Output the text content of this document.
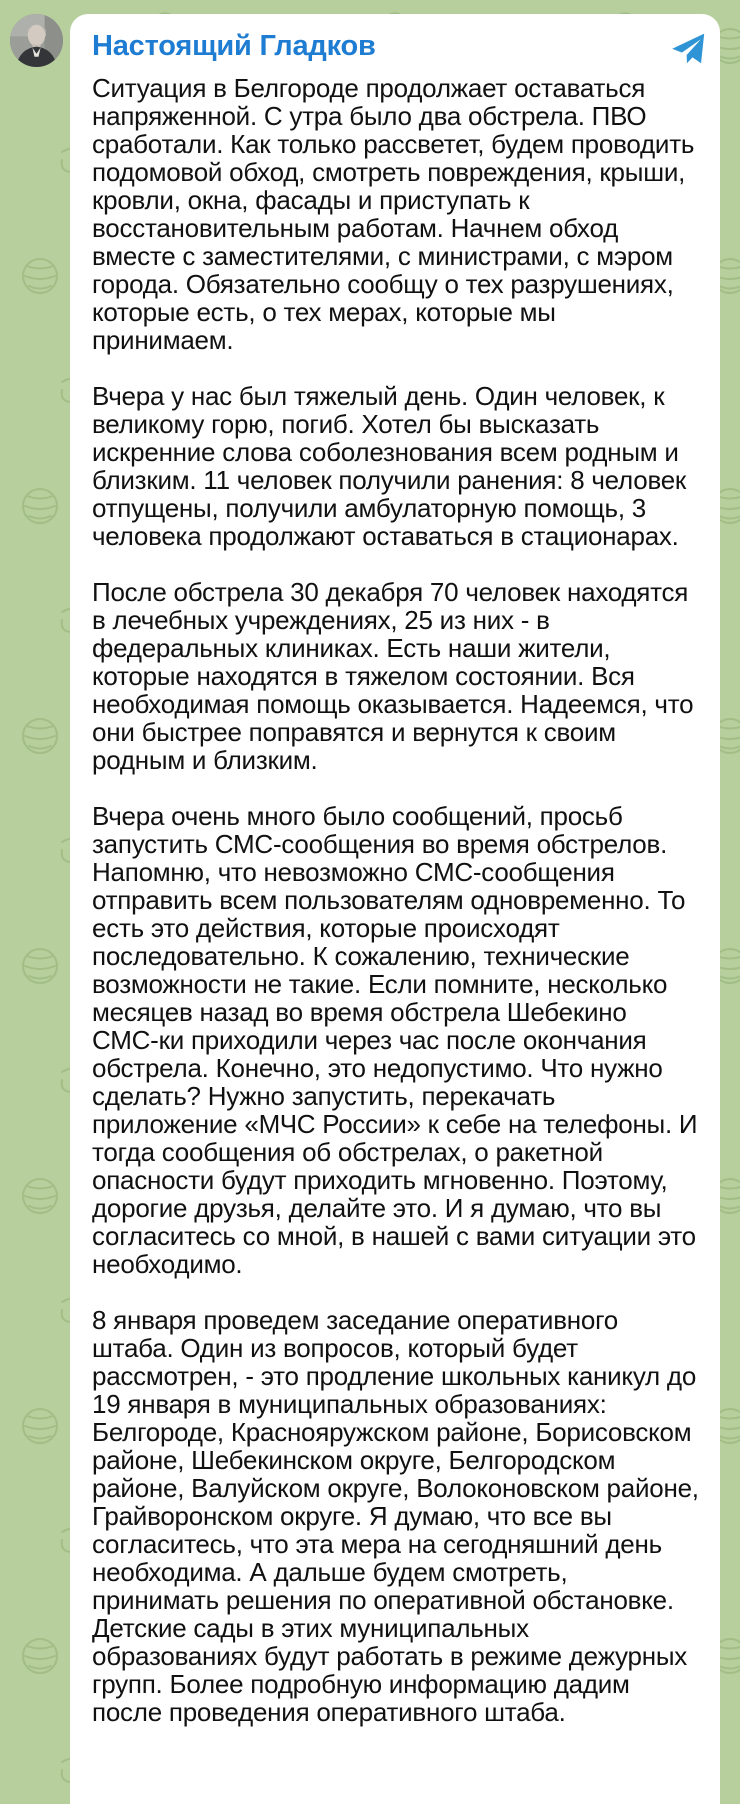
Настоящий Гладков

Ситуация в Белгороде продолжает оставаться напряженной. С утра было два обстрела. ПВО сработали. Как только рассветет, будем проводить подомовой обход, смотреть повреждения, крыши, кровли, окна, фасады и приступать к восстановительным работам. Начнем обход вместе с заместителями, с министрами, с мэром города. Обязательно сообщу о тех разрушениях, которые есть, о тех мерах, которые мы принимаем.

Вчера у нас был тяжелый день. Один человек, к великому горю, погиб. Хотел бы высказать искренние слова соболезнования всем родным и близким. 11 человек получили ранения: 8 человек отпущены, получили амбулаторную помощь, 3 человека продолжают оставаться в стационарах.

После обстрела 30 декабря 70 человек находятся в лечебных учреждениях, 25 из них - в федеральных клиниках. Есть наши жители, которые находятся в тяжелом состоянии. Вся необходимая помощь оказывается. Надеемся, что они быстрее поправятся и вернутся к своим родным и близким.

Вчера очень много было сообщений, просьб запустить СМС-сообщения во время обстрелов. Напомню, что невозможно СМС-сообщения отправить всем пользователям одновременно. То есть это действия, которые происходят последовательно. К сожалению, технические возможности не такие. Если помните, несколько месяцев назад во время обстрела Шебекино СМС-ки приходили через час после окончания обстрела. Конечно, это недопустимо. Что нужно сделать? Нужно запустить, перекачать приложение «МЧС России» к себе на телефоны. И тогда сообщения об обстрелах, о ракетной опасности будут приходить мгновенно. Поэтому, дорогие друзья, делайте это. И я думаю, что вы согласитесь со мной, в нашей с вами ситуации это необходимо.

8 января проведем заседание оперативного штаба. Один из вопросов, который будет рассмотрен, - это продление школьных каникул до 19 января в муниципальных образованиях: Белгороде, Краснояружском районе, Борисовском районе, Шебекинском округе, Белгородском районе, Валуйском округе, Волоконовском районе, Грайворонском округе. Я думаю, что все вы согласитесь, что эта мера на сегодняшний день необходима. А дальше будем смотреть, принимать решения по оперативной обстановке. Детские сады в этих муниципальных образованиях будут работать в режиме дежурных групп. Более подробную информацию дадим после проведения оперативного штаба.
